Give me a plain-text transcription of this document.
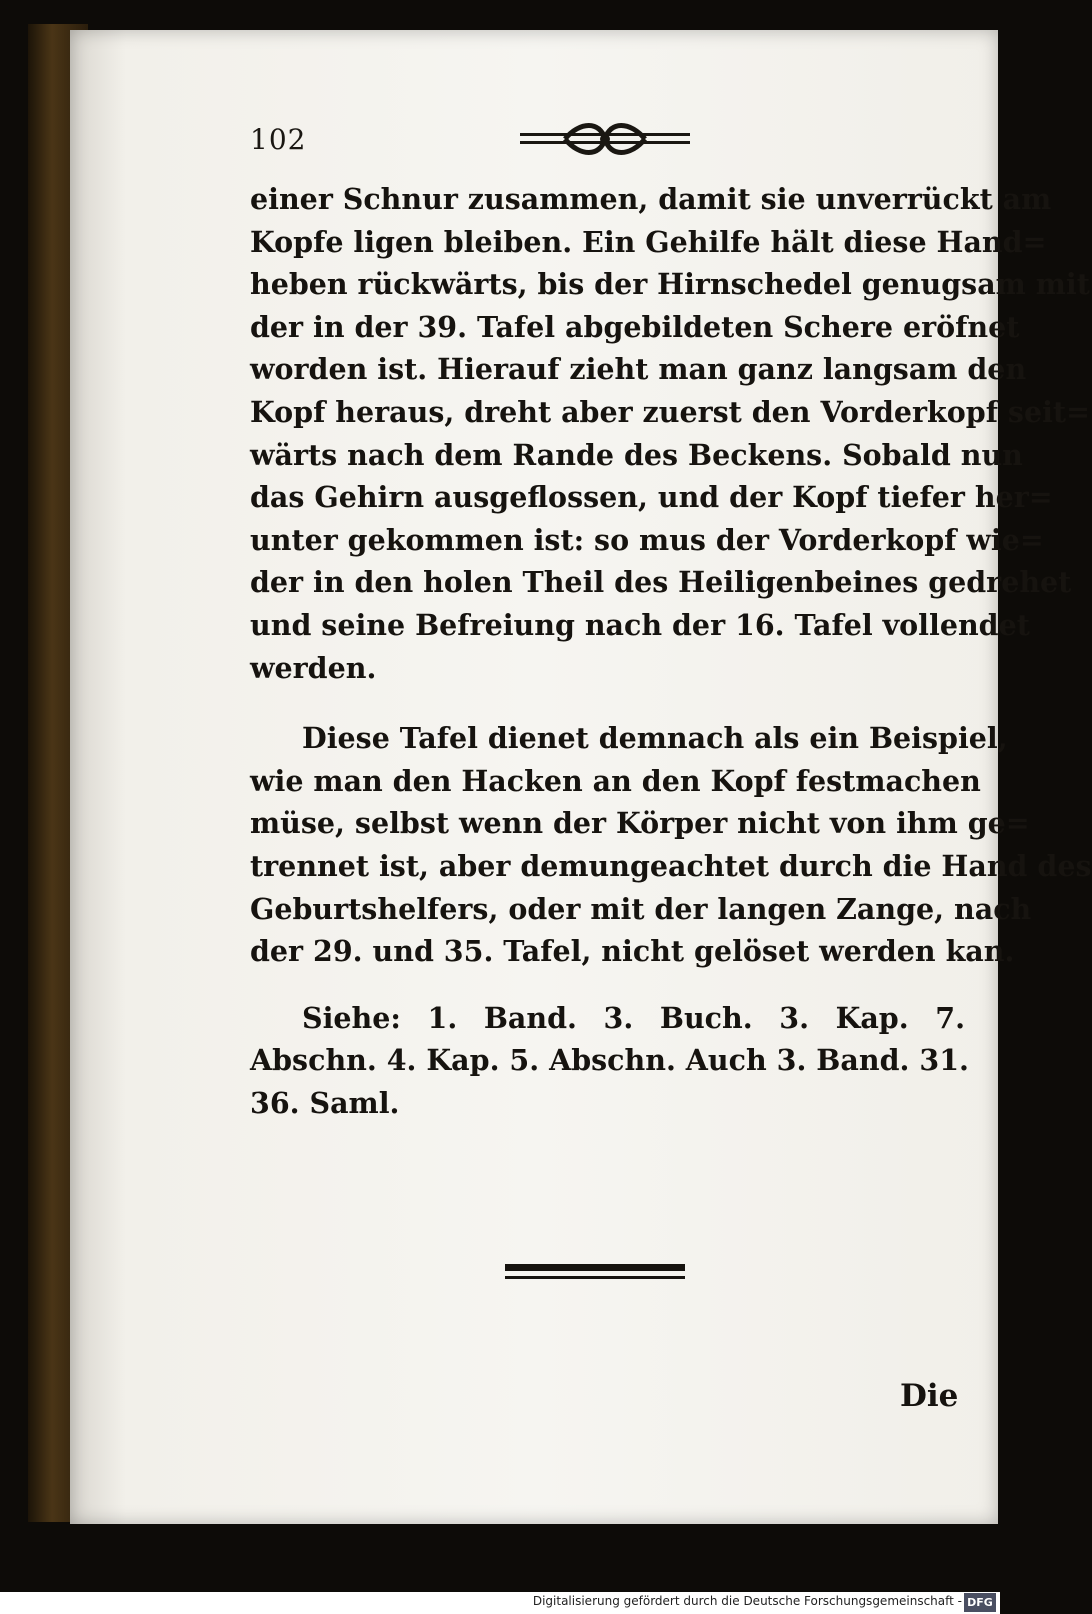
102
einer Schnur zusammen, damit sie unverrückt am
Kopfe ligen bleiben. Ein Gehilfe hält diese Hand=
heben rückwärts, bis der Hirnschedel genugsam mit
der in der 39. Tafel abgebildeten Schere eröfnet
worden ist. Hierauf zieht man ganz langsam den
Kopf heraus, dreht aber zuerst den Vorderkopf seit=
wärts nach dem Rande des Beckens. Sobald nun
das Gehirn ausgeflossen, und der Kopf tiefer her=
unter gekommen ist: so mus der Vorderkopf wie=
der in den holen Theil des Heiligenbeines gedrehet
und seine Befreiung nach der 16. Tafel vollendet
werden.
Diese Tafel dienet demnach als ein Beispiel,
wie man den Hacken an den Kopf festmachen
müse, selbst wenn der Körper nicht von ihm ge=
trennet ist, aber demungeachtet durch die Hand des
Geburtshelfers, oder mit der langen Zange, nach
der 29. und 35. Tafel, nicht gelöset werden kan.
Siehe: 1. Band. 3. Buch. 3. Kap. 7.
Abschn. 4. Kap. 5. Abschn. Auch 3. Band. 31.
36. Saml.
Die
Digitalisierung gefördert durch die Deutsche Forschungsgemeinschaft - DFG
